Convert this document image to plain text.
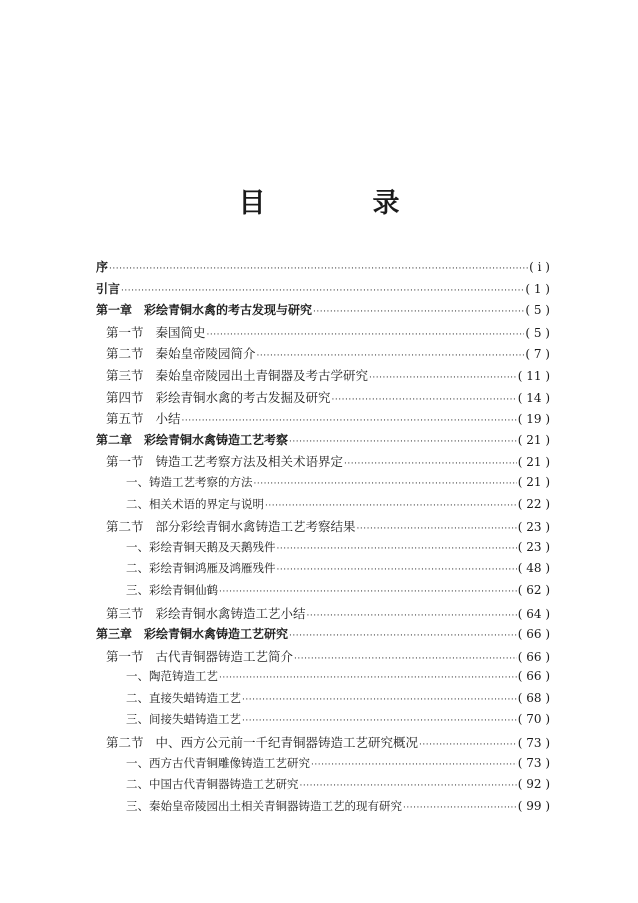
目　录
序 ·····	( i )
引言 ·····	( 1 )
第一章 彩绘青铜水禽的考古发现与研究 ·····	( 5 )
第一节 秦国简史 ·····	( 5 )
第二节 秦始皇帝陵园简介 ·····	( 7 )
第三节 秦始皇帝陵园出土青铜器及考古学研究 ·····	( 11 )
第四节 彩绘青铜水禽的考古发掘及研究 ·····	( 14 )
第五节 小结 ·····	( 19 )
第二章 彩绘青铜水禽铸造工艺考察 ·····	( 21 )
第一节 铸造工艺考察方法及相关术语界定 ·····	( 21 )
一、铸造工艺考察的方法 ·····	( 21 )
二、相关术语的界定与说明 ·····	( 22 )
第二节 部分彩绘青铜水禽铸造工艺考察结果 ·····	( 23 )
一、彩绘青铜天鹅及天鹅残件 ·····	( 23 )
二、彩绘青铜鸿雁及鸿雁残件 ·····	( 48 )
三、彩绘青铜仙鹤 ·····	( 62 )
第三节 彩绘青铜水禽铸造工艺小结 ·····	( 64 )
第三章 彩绘青铜水禽铸造工艺研究 ·····	( 66 )
第一节 古代青铜器铸造工艺简介 ·····	( 66 )
一、陶范铸造工艺 ·····	( 66 )
二、直接失蜡铸造工艺 ·····	( 68 )
三、间接失蜡铸造工艺 ·····	( 70 )
第二节 中、西方公元前一千纪青铜器铸造工艺研究概况 ·····	( 73 )
一、西方古代青铜雕像铸造工艺研究 ·····	( 73 )
二、中国古代青铜器铸造工艺研究 ·····	( 92 )
三、秦始皇帝陵园出土相关青铜器铸造工艺的现有研究 ·····	( 99 )
